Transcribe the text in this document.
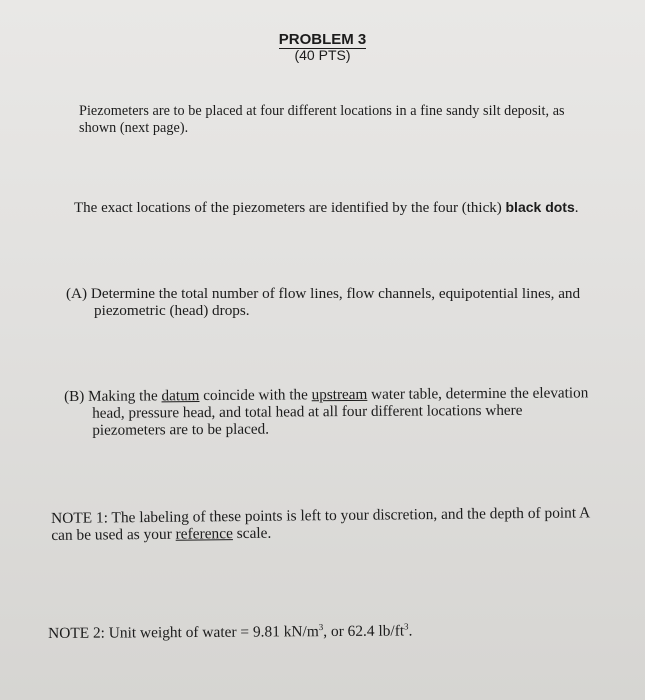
PROBLEM 3
(40 PTS)
Piezometers are to be placed at four different locations in a fine sandy silt deposit, as
shown (next page).
The exact locations of the piezometers are identified by the four (thick) black dots.
(A) Determine the total number of flow lines, flow channels, equipotential lines, and
piezometric (head) drops.
(B) Making the datum coincide with the upstream water table, determine the elevation
head, pressure head, and total head at all four different locations where
piezometers are to be placed.
NOTE 1: The labeling of these points is left to your discretion, and the depth of point A
can be used as your reference scale.
NOTE 2: Unit weight of water = 9.81 $kN/m^3$, or 62.4 $lb/ft^3$.
